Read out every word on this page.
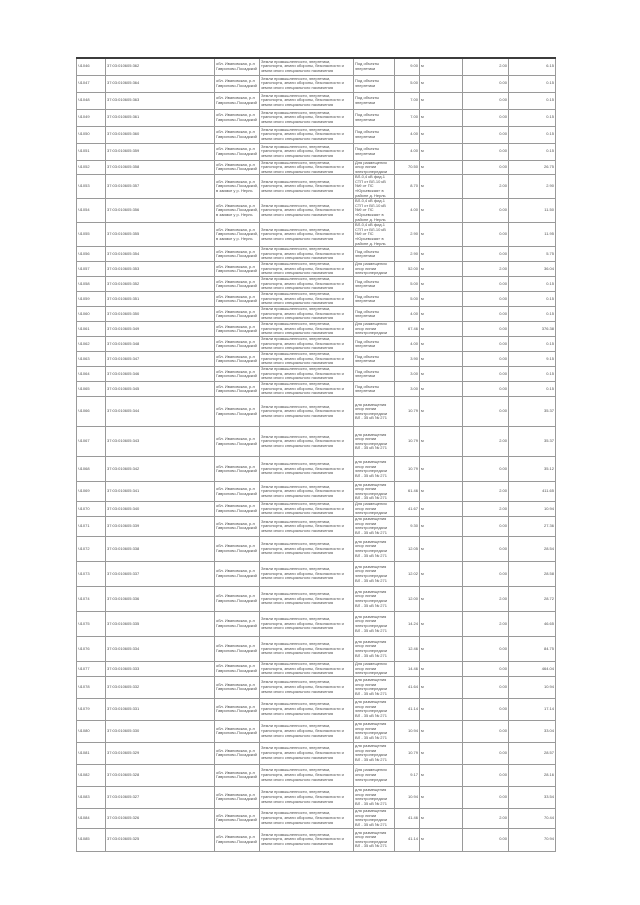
Ч1046	37:03:010605:362	обл. Ивановская, р-н Гаврилово-Посадский	Земли промышленности, энергетики, транспорта, земли обороны, безопасности и земли иного специального назначения	Под объекты энергетики	9.00	м	2.00	6.15
Ч1047	37:03:010605:364	обл. Ивановская, р-н Гаврилово-Посадский	Земли промышленности, энергетики, транспорта, земли обороны, безопасности и земли иного специального назначения	Под объекты энергетики	5.00	м	0.00	0.15
Ч1048	37:03:010605:363	обл. Ивановская, р-н Гаврилово-Посадский	Земли промышленности, энергетики, транспорта, земли обороны, безопасности и земли иного специального назначения	Под объекты энергетики	7.00	м	0.00	0.15
Ч1049	37:03:010605:361	обл. Ивановская, р-н Гаврилово-Посадский	Земли промышленности, энергетики, транспорта, земли обороны, безопасности и земли иного специального назначения	Под объекты энергетики	7.00	м	0.00	0.15
Ч1050	37:03:010605:360	обл. Ивановская, р-н Гаврилово-Посадский	Земли промышленности, энергетики, транспорта, земли обороны, безопасности и земли иного специального назначения	Под объекты энергетики	4.00	м	0.00	0.15
Ч1051	37:03:010605:359	обл. Ивановская, р-н Гаврилово-Посадский	Земли промышленности, энергетики, транспорта, земли обороны, безопасности и земли иного специального назначения	Под объекты энергетики	4.00	м	0.00	0.15
Ч1052	37:03:010605:358	обл. Ивановская, р-н Гаврилово-Посадский	Земли промышленности, энергетики, транспорта, земли обороны, безопасности и земли иного специального назначения	Для размещения опор линии электропередачи	70.50	м	0.00	26.75
Ч1053	37:03:010605:357	обл. Ивановская, р-н Гаврилово-Посадский, в заимке у р. Нерль	Земли промышленности, энергетики, транспорта, земли обороны, безопасности и земли иного специального назначения	ВЛ-0,4 кВ фид.1 СТП от ВЛ-10 кВ №9 от ПС «Юрьевская» в районе д. Нерль	8.70	м	2.00	2.90
Ч1054	37:03:010605:356	обл. Ивановская, р-н Гаврилово-Посадский, в заимке у р. Нерль	Земли промышленности, энергетики, транспорта, земли обороны, безопасности и земли иного специального назначения	ВЛ-0,4 кВ фид.1 СТП от ВЛ-10 кВ №9 от ПС «Юрьевская» в районе д. Нерль	4.00	м	0.00	11.50
Ч1055	37:03:010605:355	обл. Ивановская, р-н Гаврилово-Посадский, в заимке у р. Нерль	Земли промышленности, энергетики, транспорта, земли обороны, безопасности и земли иного специального назначения	ВЛ-0,4 кВ фид.1 СТП от ВЛ-10 кВ №9 от ПС «Юрьевская» в районе д. Нерль	2.90	м	0.00	11.95
Ч1056	37:03:010605:354	обл. Ивановская, р-н Гаврилово-Посадский	Земли промышленности, энергетики, транспорта, земли обороны, безопасности и земли иного специального назначения	Под объекты энергетики	2.90	м	0.00	5.75
Ч1057	37:03:010605:353	обл. Ивановская, р-н Гаврилово-Посадский	Земли промышленности, энергетики, транспорта, земли обороны, безопасности и земли иного специального назначения	Для размещения опор линии электропередачи	52.00	м	2.00	36.04
Ч1058	37:03:010605:352	обл. Ивановская, р-н Гаврилово-Посадский	Земли промышленности, энергетики, транспорта, земли обороны, безопасности и земли иного специального назначения	Под объекты энергетики	5.00	м	0.00	0.15
Ч1059	37:03:010605:351	обл. Ивановская, р-н Гаврилово-Посадский	Земли промышленности, энергетики, транспорта, земли обороны, безопасности и земли иного специального назначения	Под объекты энергетики	5.00	м	0.00	0.15
Ч1060	37:03:010605:350	обл. Ивановская, р-н Гаврилово-Посадский	Земли промышленности, энергетики, транспорта, земли обороны, безопасности и земли иного специального назначения	Под объекты энергетики	4.00	м	0.00	0.15
Ч1061	37:03:010605:349	обл. Ивановская, р-н Гаврилово-Посадский	Земли промышленности, энергетики, транспорта, земли обороны, безопасности и земли иного специального назначения	Для размещения опор линии электропередачи	67.46	м	0.00	376.38
Ч1062	37:03:010605:348	обл. Ивановская, р-н Гаврилово-Посадский	Земли промышленности, энергетики, транспорта, земли обороны, безопасности и земли иного специального назначения	Под объекты энергетики	4.00	м	0.00	0.15
Ч1063	37:03:010605:347	обл. Ивановская, р-н Гаврилово-Посадский	Земли промышленности, энергетики, транспорта, земли обороны, безопасности и земли иного специального назначения	Под объекты энергетики	3.90	м	0.00	9.15
Ч1064	37:03:010605:346	обл. Ивановская, р-н Гаврилово-Посадский	Земли промышленности, энергетики, транспорта, земли обороны, безопасности и земли иного специального назначения	Под объекты энергетики	3.00	м	0.00	0.15
Ч1065	37:03:010605:345	обл. Ивановская, р-н Гаврилово-Посадский	Земли промышленности, энергетики, транспорта, земли обороны, безопасности и земли иного специального назначения	Под объекты энергетики	3.00	м	0.00	0.15
Ч1066	37:03:010605:344	обл. Ивановская, р-н Гаврилово-Посадский	Земли промышленности, энергетики, транспорта, земли обороны, безопасности и земли иного специального назначения	для размещения опор линии электропередачи ВЛ - 35 кВ № 271	10.79	м	0.00	35.37
Ч1067	37:03:010605:343	обл. Ивановская, р-н Гаврилово-Посадский	Земли промышленности, энергетики, транспорта, земли обороны, безопасности и земли иного специального назначения	для размещения опор линии электропередачи ВЛ - 35 кВ № 271	10.79	м	2.00	35.37
Ч1068	37:03:010605:342	обл. Ивановская, р-н Гаврилово-Посадский	Земли промышленности, энергетики, транспорта, земли обороны, безопасности и земли иного специального назначения	для размещения опор линии электропередачи ВЛ - 35 кВ № 271	10.79	м	0.00	35.12
Ч1069	37:03:010605:341	обл. Ивановская, р-н Гаврилово-Посадский	Земли промышленности, энергетики, транспорта, земли обороны, безопасности и земли иного специального назначения	для размещения опор линии электропередачи ВЛ - 35 кВ № 271	61.46	м	2.00	411.65
Ч1070	37:03:010605:340	обл. Ивановская, р-н Гаврилово-Посадский	Земли промышленности, энергетики, транспорта, земли обороны, безопасности и земли иного специального назначения	Для размещения опор линии электропередачи	41.67	м	2.00	10.94
Ч1071	37:03:010605:339	обл. Ивановская, р-н Гаврилово-Посадский	Земли промышленности, энергетики, транспорта, земли обороны, безопасности и земли иного специального назначения	для размещения опор линии электропередачи ВЛ - 35 кВ № 271	9.30	м	0.00	27.36
Ч1072	37:03:010605:338	обл. Ивановская, р-н Гаврилово-Посадский	Земли промышленности, энергетики, транспорта, земли обороны, безопасности и земли иного специального назначения	для размещения опор линии электропередачи ВЛ - 35 кВ № 271	12.05	м	0.00	28.54
Ч1073	37:03:010605:337	обл. Ивановская, р-н Гаврилово-Посадский	Земли промышленности, энергетики, транспорта, земли обороны, безопасности и земли иного специального назначения	для размещения опор линии электропередачи ВЛ - 35 кВ № 271	12.02	м	0.00	28.58
Ч1074	37:03:010605:336	обл. Ивановская, р-н Гаврилово-Посадский	Земли промышленности, энергетики, транспорта, земли обороны, безопасности и земли иного специального назначения	для размещения опор линии электропередачи ВЛ - 35 кВ № 271	12.00	м	2.00	28.72
Ч1075	37:03:010605:335	обл. Ивановская, р-н Гаврилово-Посадский	Земли промышленности, энергетики, транспорта, земли обороны, безопасности и земли иного специального назначения	для размещения опор линии электропередачи ВЛ - 35 кВ № 271	14.24	м	2.00	46.65
Ч1076	37:03:010605:334	обл. Ивановская, р-н Гаврилово-Посадский	Земли промышленности, энергетики, транспорта, земли обороны, безопасности и земли иного специального назначения	для размещения опор линии электропередачи ВЛ - 35 кВ № 271	12.46	м	0.00	84.75
Ч1077	37:03:010605:333	обл. Ивановская, р-н Гаврилово-Посадский	Земли промышленности, энергетики, транспорта, земли обороны, безопасности и земли иного специального назначения	Для размещения опор линии электропередачи	14.46	м	0.00	464.04
Ч1078	37:03:010605:332	обл. Ивановская, р-н Гаврилово-Посадский	Земли промышленности, энергетики, транспорта, земли обороны, безопасности и земли иного специального назначения	для размещения опор линии электропередачи ВЛ - 35 кВ № 271	41.64	м	0.00	10.94
Ч1079	37:03:010605:331	обл. Ивановская, р-н Гаврилово-Посадский	Земли промышленности, энергетики, транспорта, земли обороны, безопасности и земли иного специального назначения	для размещения опор линии электропередачи ВЛ - 35 кВ № 271	41.14	м	0.00	17.14
Ч1080	37:03:010605:330	обл. Ивановская, р-н Гаврилово-Посадский	Земли промышленности, энергетики, транспорта, земли обороны, безопасности и земли иного специального назначения	для размещения опор линии электропередачи ВЛ - 35 кВ № 271	10.94	м	0.00	33.04
Ч1081	37:03:010605:329	обл. Ивановская, р-н Гаврилово-Посадский	Земли промышленности, энергетики, транспорта, земли обороны, безопасности и земли иного специального назначения	для размещения опор линии электропередачи ВЛ - 35 кВ № 271	10.79	м	0.00	28.57
Ч1082	37:03:010605:328	обл. Ивановская, р-н Гаврилово-Посадский	Земли промышленности, энергетики, транспорта, земли обороны, безопасности и земли иного специального назначения	Для размещения опор линии электропередачи	9.17	м	0.00	28.16
Ч1083	37:03:010605:327	обл. Ивановская, р-н Гаврилово-Посадский	Земли промышленности, энергетики, транспорта, земли обороны, безопасности и земли иного специального назначения	для размещения опор линии электропередачи ВЛ - 35 кВ № 271	10.94	м	0.00	33.54
Ч1084	37:03:010605:326	обл. Ивановская, р-н Гаврилово-Посадский	Земли промышленности, энергетики, транспорта, земли обороны, безопасности и земли иного специального назначения	для размещения опор линии электропередачи ВЛ - 35 кВ № 271	41.46	м	2.00	70.44
Ч1085	37:03:010605:325	обл. Ивановская, р-н Гаврилово-Посадский	Земли промышленности, энергетики, транспорта, земли обороны, безопасности и земли иного специального назначения	для размещения опор линии электропередачи ВЛ - 35 кВ № 271	41.14	м	0.00	70.94
